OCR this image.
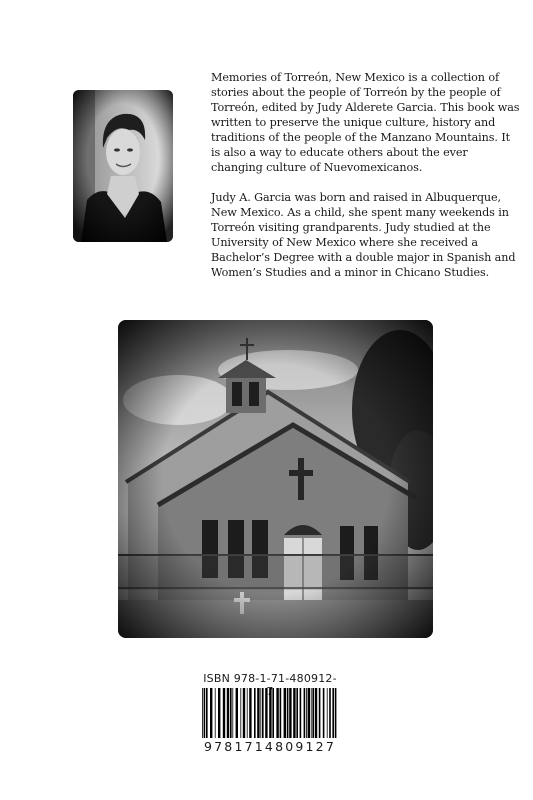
Memories of Torreón, New Mexico is a collection of stories about the people of Torreón by the people of Torreón, edited by Judy Alderete Garcia. This book was written to preserve the unique culture, history and traditions of the people of the Manzano Mountains. It is also a way to educate others about the ever changing culture of Nuevomexicanos.

Judy A. Garcia was born and raised in Albuquerque, New Mexico. As a child, she spent many weekends in Torreón visiting grandparents. Judy studied at the University of New Mexico where she received a Bachelor’s Degree with a double major in Spanish and Women’s Studies and a minor in Chicano Studies.

ISBN 978-1-71-480912-
9781714809127
